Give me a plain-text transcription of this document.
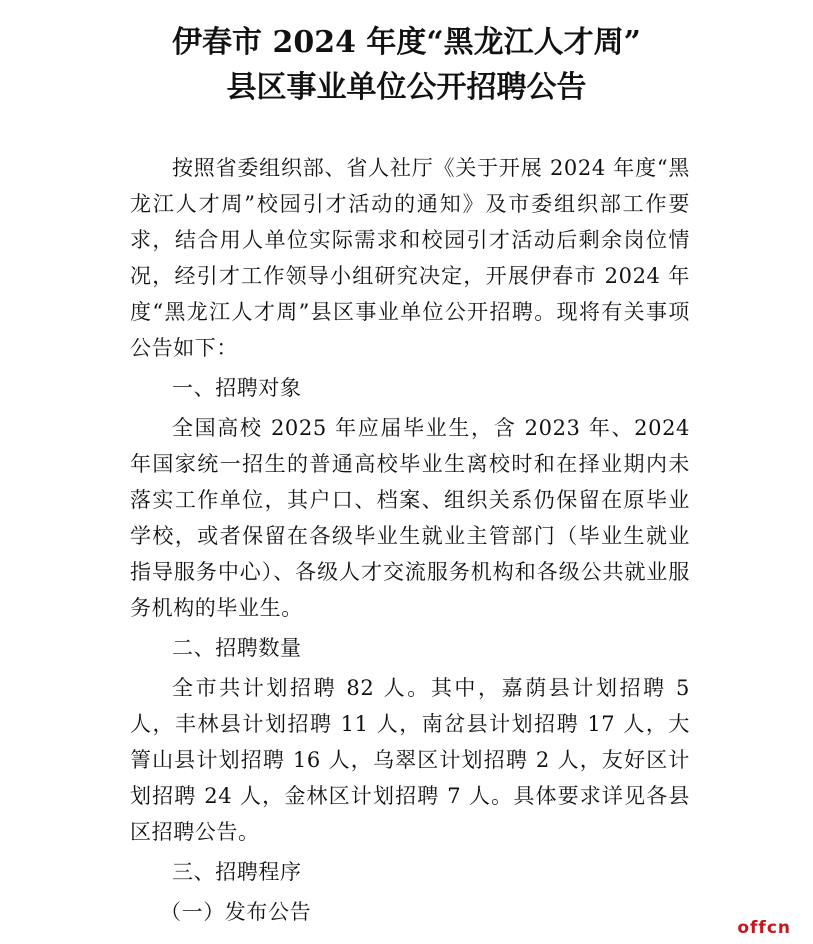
伊春市 2024 年度“黑龙江人才周”
县区事业单位公开招聘公告

按照省委组织部、省人社厅《关于开展 2024 年度“黑龙江人才周”校园引才活动的通知》及市委组织部工作要求，结合用人单位实际需求和校园引才活动后剩余岗位情况，经引才工作领导小组研究决定，开展伊春市 2024 年度“黑龙江人才周”县区事业单位公开招聘。现将有关事项公告如下：

一、招聘对象

全国高校 2025 年应届毕业生，含 2023 年、2024 年国家统一招生的普通高校毕业生离校时和在择业期内未落实工作单位，其户口、档案、组织关系仍保留在原毕业学校，或者保留在各级毕业生就业主管部门（毕业生就业指导服务中心）、各级人才交流服务机构和各级公共就业服务机构的毕业生。

二、招聘数量

全市共计划招聘 82 人。其中，嘉荫县计划招聘 5 人，丰林县计划招聘 11 人，南岔县计划招聘 17 人，大箐山县计划招聘 16 人，乌翠区计划招聘 2 人，友好区计划招聘 24 人，金林区计划招聘 7 人。具体要求详见各县区招聘公告。

三、招聘程序

（一）发布公告

offcn
